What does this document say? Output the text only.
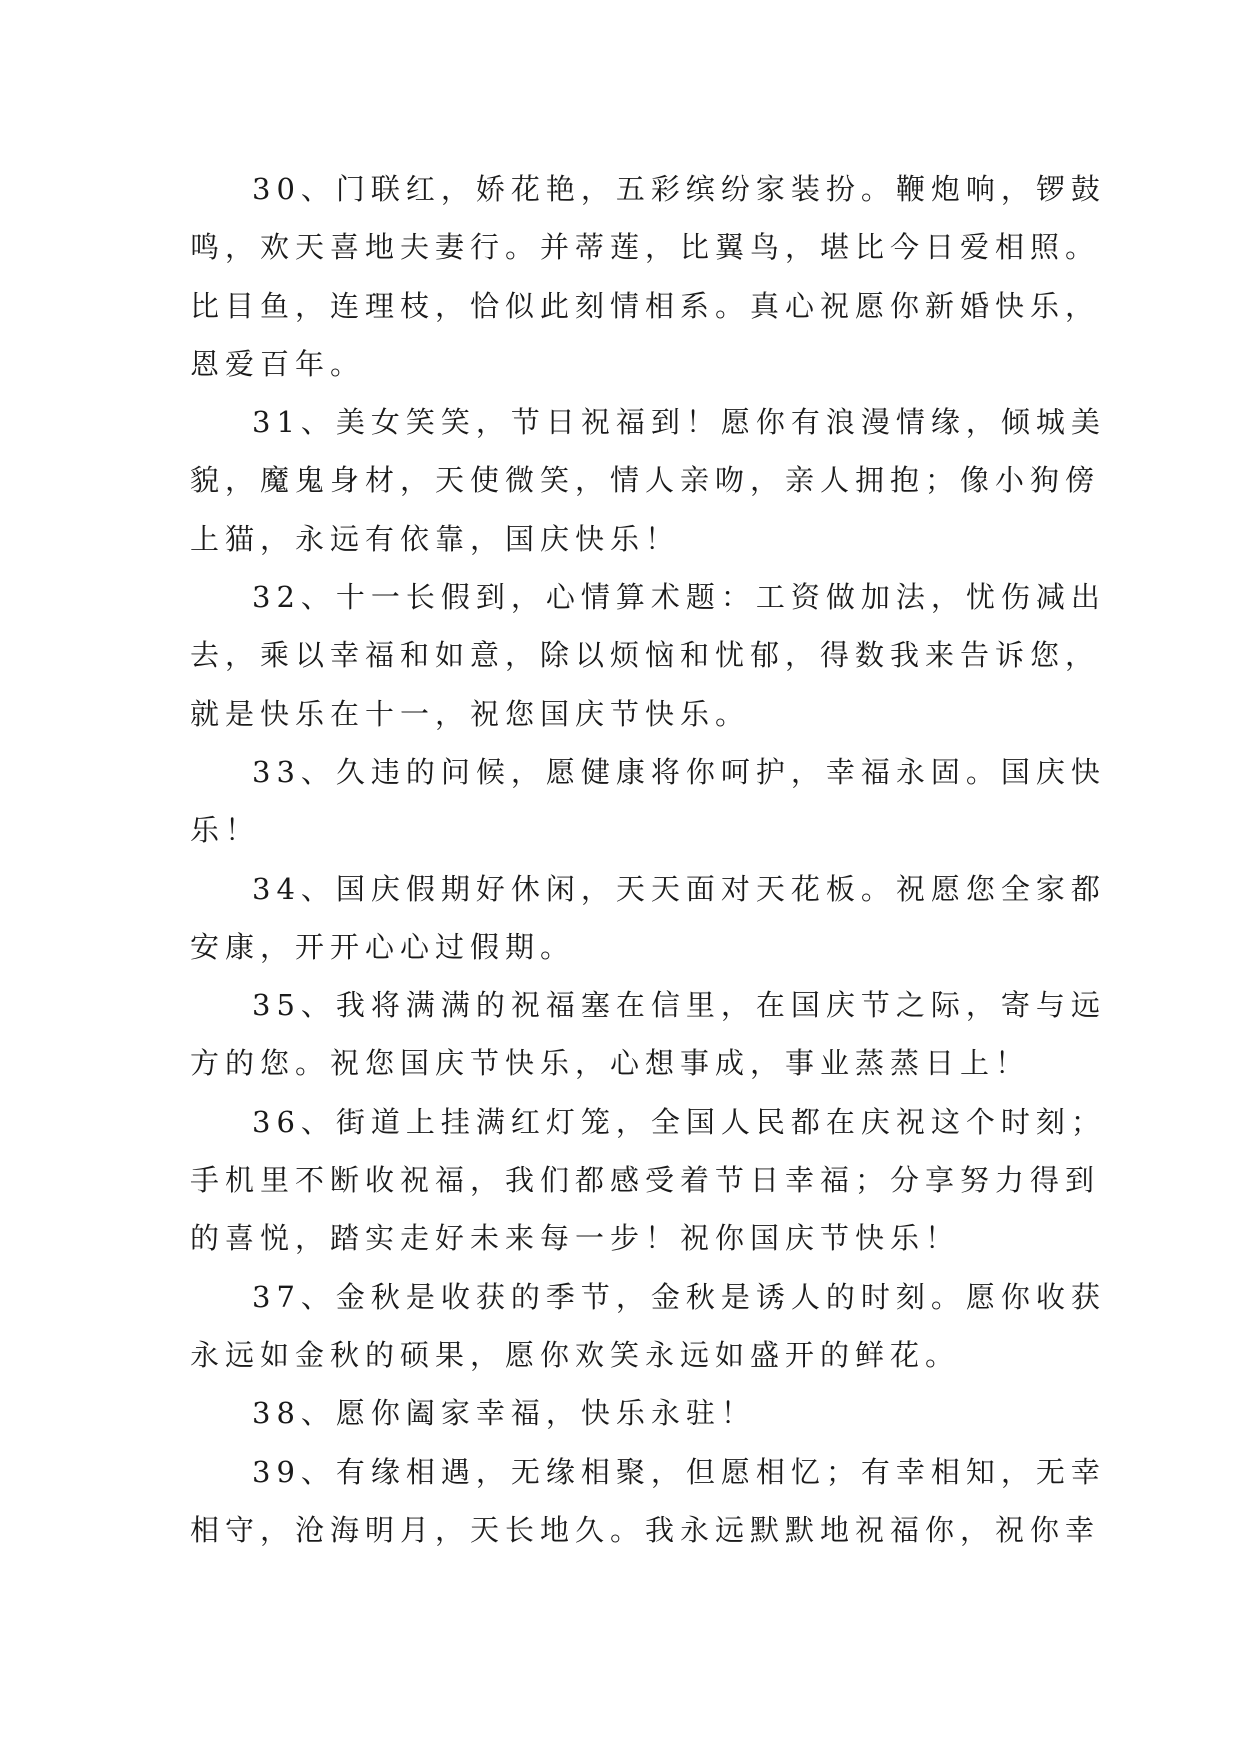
30、门联红，娇花艳，五彩缤纷家装扮。鞭炮响，锣鼓
鸣，欢天喜地夫妻行。并蒂莲，比翼鸟，堪比今日爱相照。
比目鱼，连理枝，恰似此刻情相系。真心祝愿你新婚快乐，
恩爱百年。
31、美女笑笑，节日祝福到！愿你有浪漫情缘，倾城美
貌，魔鬼身材，天使微笑，情人亲吻，亲人拥抱；像小狗傍
上猫，永远有依靠，国庆快乐！
32、十一长假到，心情算术题：工资做加法，忧伤减出
去，乘以幸福和如意，除以烦恼和忧郁，得数我来告诉您，
就是快乐在十一，祝您国庆节快乐。
33、久违的问候，愿健康将你呵护，幸福永固。国庆快
乐！
34、国庆假期好休闲，天天面对天花板。祝愿您全家都
安康，开开心心过假期。
35、我将满满的祝福塞在信里，在国庆节之际，寄与远
方的您。祝您国庆节快乐，心想事成，事业蒸蒸日上！
36、街道上挂满红灯笼，全国人民都在庆祝这个时刻；
手机里不断收祝福，我们都感受着节日幸福；分享努力得到
的喜悦，踏实走好未来每一步！祝你国庆节快乐！
37、金秋是收获的季节，金秋是诱人的时刻。愿你收获
永远如金秋的硕果，愿你欢笑永远如盛开的鲜花。
38、愿你阖家幸福，快乐永驻！
39、有缘相遇，无缘相聚，但愿相忆；有幸相知，无幸
相守，沧海明月，天长地久。我永远默默地祝福你，祝你幸
